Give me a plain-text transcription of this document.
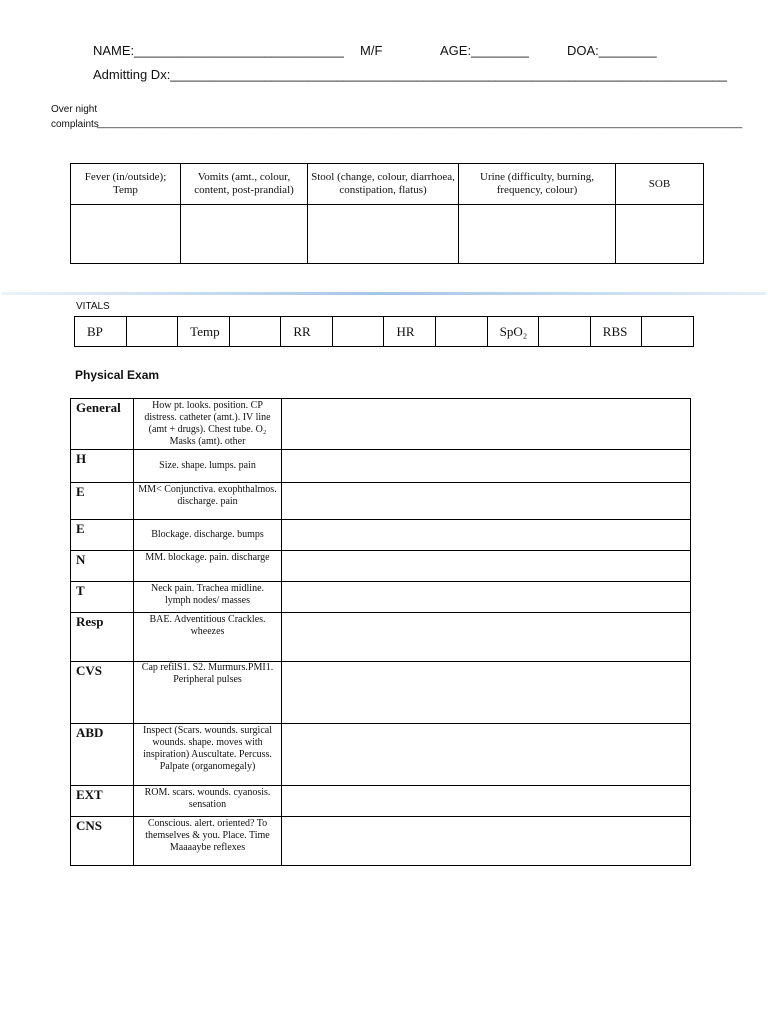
NAME:_____________________________ M/F	AGE:________	DOA:________
Admitting Dx:_____________________________________________________________________________
Over night
complaints
____________________________________________________________________________________________________________________
Fever (in/outside); Temp	Vomits (amt., colour, content, post-prandial)	Stool (change, colour, diarrhoea, constipation, flatus)	Urine (difficulty, burning, frequency, colour)	SOB

VITALS
BP		Temp		RR		HR		SpO₂		RBS	
Physical Exam
General	How pt. looks. position. CP distress. catheter (amt.). IV line (amt + drugs). Chest tube. O₂ Masks (amt). other	
H	Size. shape. lumps. pain	
E	MM< Conjunctiva. exophthalmos. discharge. pain	
E	Blockage. discharge. bumps	
N	MM. blockage. pain. discharge	
T	Neck pain. Trachea midline. lymph nodes/ masses	
Resp	BAE. Adventitious Crackles. wheezes	
CVS	Cap refilS1. S2. Murmurs.PMI1. Peripheral pulses	
ABD	Inspect (Scars. wounds. surgical wounds. shape. moves with inspiration) Auscultate. Percuss. Palpate (organomegaly)	
EXT	ROM. scars. wounds. cyanosis. sensation	
CNS	Conscious. alert. oriented? To themselves & you. Place. Time Maaaaybe reflexes	
